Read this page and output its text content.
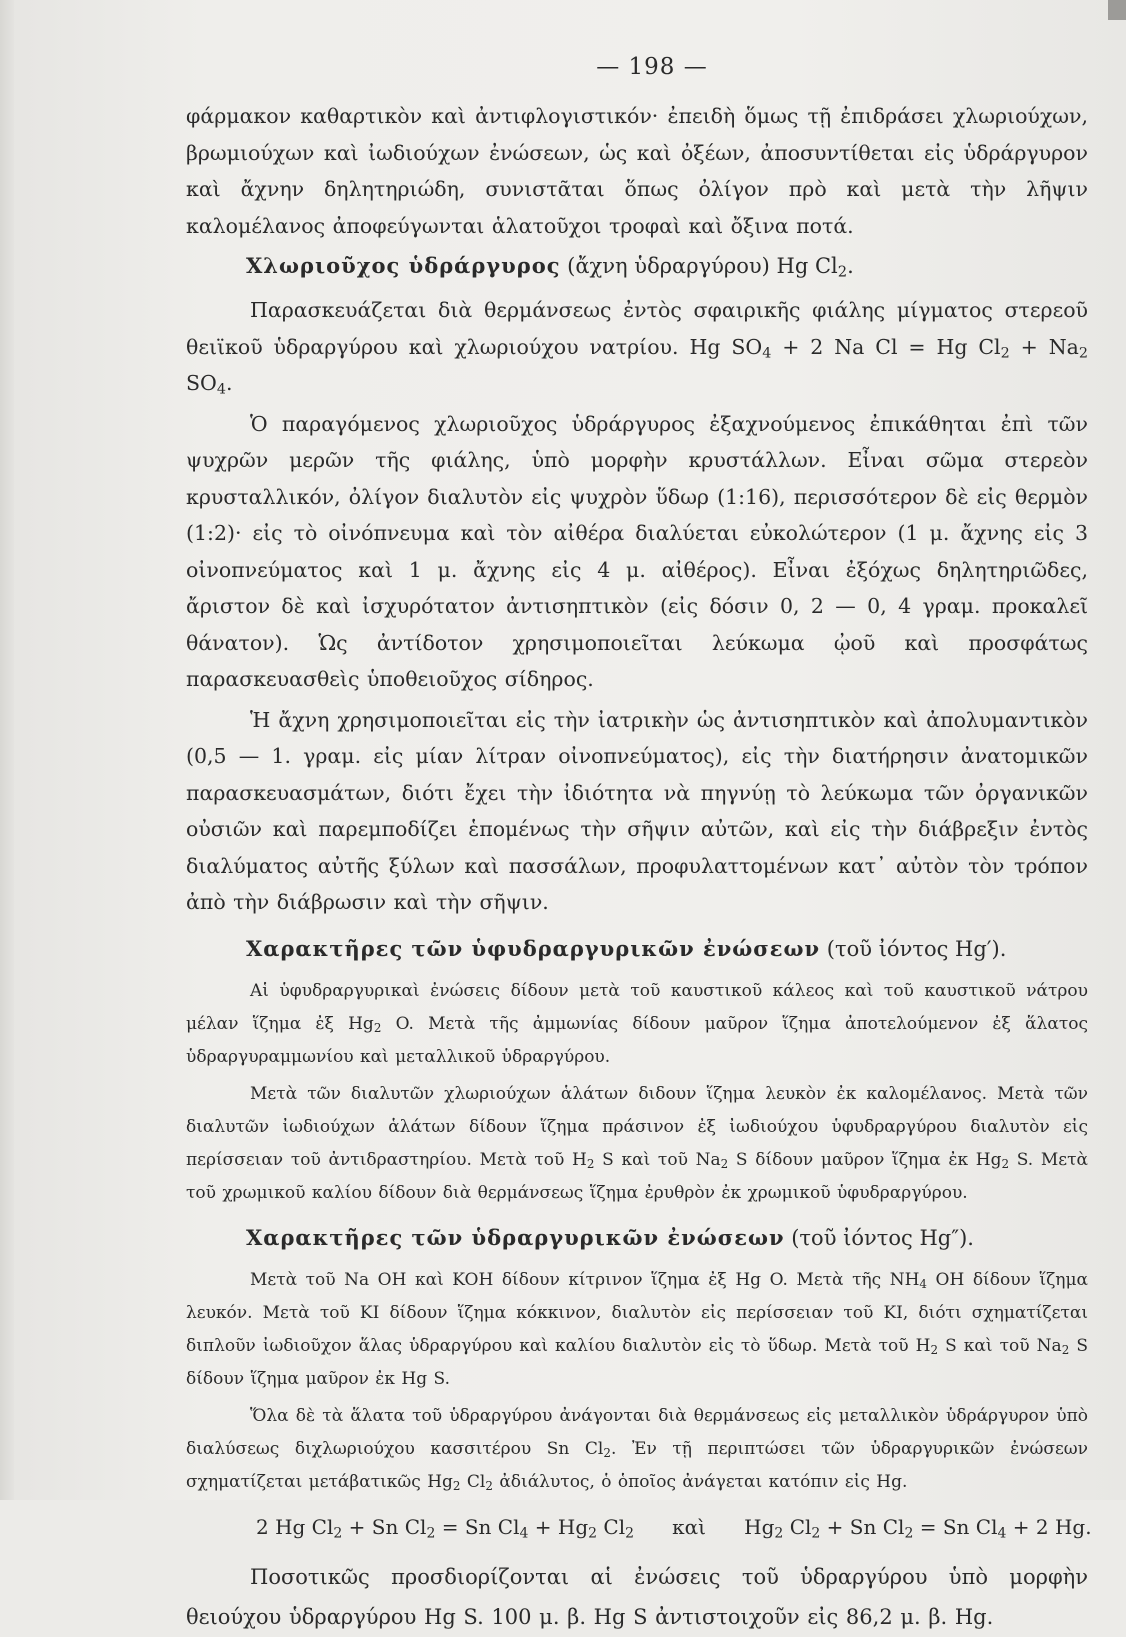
— 198 —

φάρμακον καθαρτικὸν καὶ ἀντιφλογιστικόν· ἐπειδὴ ὅμως τῇ ἐπιδράσει χλωριούχων, βρωμιούχων καὶ ἰωδιούχων ἐνώσεων, ὡς καὶ ὀξέων, ἀποσυντίθεται εἰς ὑδράργυρον καὶ ἄχνην δηλητηριώδη, συνιστᾶται ὅπως ὀλίγον πρὸ καὶ μετὰ τὴν λῆψιν καλομέλανος ἀποφεύγωνται ἁλατοῦχοι τροφαὶ καὶ ὄξινα ποτά.

Χλωριοῦχος ὑδράργυρος (ἄχνη ὑδραργύρου) Hg $Cl_2$.

Παρασκευάζεται διὰ θερμάνσεως ἐντὸς σφαιρικῆς φιάλης μίγματος στερεοῦ θειϊκοῦ ὑδραργύρου καὶ χλωριούχου νατρίου. Hg $SO_4 + 2$ Na Cl = Hg $Cl_2 + Na_2$ $SO_4$.

Ὁ παραγόμενος χλωριοῦχος ὑδράργυρος ἐξαχνούμενος ἐπικάθηται ἐπὶ τῶν ψυχρῶν μερῶν τῆς φιάλης, ὑπὸ μορφὴν κρυστάλλων. Εἶναι σῶμα στερεὸν κρυσταλλικόν, ὀλίγον διαλυτὸν εἰς ψυχρὸν ὕδωρ (1:16), περισσότερον δὲ εἰς θερμὸν (1:2)· εἰς τὸ οἰνόπνευμα καὶ τὸν αἰθέρα διαλύεται εὐκολώτερον (1 μ. ἄχνης εἰς 3 οἰνοπνεύματος καὶ 1 μ. ἄχνης εἰς 4 μ. αἰθέρος). Εἶναι ἐξόχως δηλητηριῶδες, ἄριστον δὲ καὶ ἰσχυρότατον ἀντισηπτικὸν (εἰς δόσιν 0, 2 — 0, 4 γραμ. προκαλεῖ θάνατον). Ὡς ἀντίδοτον χρησιμοποιεῖται λεύκωμα ᾠοῦ καὶ προσφάτως παρασκευασθεὶς ὑποθειοῦχος σίδηρος.

Ἡ ἄχνη χρησιμοποιεῖται εἰς τὴν ἰατρικὴν ὡς ἀντισηπτικὸν καὶ ἀπολυμαντικὸν (0,5 — 1. γραμ. εἰς μίαν λίτραν οἰνοπνεύματος), εἰς τὴν διατήρησιν ἀνατομικῶν παρασκευασμάτων, διότι ἔχει τὴν ἰδιότητα νὰ πηγνύῃ τὸ λεύκωμα τῶν ὀργανικῶν οὐσιῶν καὶ παρεμποδίζει ἑπομένως τὴν σῆψιν αὐτῶν, καὶ εἰς τὴν διάβρεξιν ἐντὸς διαλύματος αὐτῆς ξύλων καὶ πασσάλων, προφυλαττομένων κατ᾽ αὐτὸν τὸν τρόπον ἀπὸ τὴν διάβρωσιν καὶ τὴν σῆψιν.

Χαρακτῆρες τῶν ὑφυδραργυρικῶν ἐνώσεων (τοῦ ἰόντος Hg′).

Αἱ ὑφυδραργυρικαὶ ἐνώσεις δίδουν μετὰ τοῦ καυστικοῦ κάλεος καὶ τοῦ καυστικοῦ νάτρου μέλαν ἵζημα ἐξ $Hg_2$ O. Μετὰ τῆς ἀμμωνίας δίδουν μαῦρον ἵζημα ἀποτελούμενον ἐξ ἅλατος ὑδραργυραμμωνίου καὶ μεταλλικοῦ ὑδραργύρου.

Μετὰ τῶν διαλυτῶν χλωριούχων ἁλάτων διδουν ἵζημα λευκὸν ἐκ καλομέλανος. Μετὰ τῶν διαλυτῶν ἰωδιούχων ἁλάτων δίδουν ἵζημα πράσινον ἐξ ἰωδιούχου ὑφυδραργύρου διαλυτὸν εἰς περίσσειαν τοῦ ἀντιδραστηρίου. Μετὰ τοῦ $H_2$ S καὶ τοῦ $Na_2$ S δίδουν μαῦρον ἵζημα ἐκ $Hg_2$ S. Μετὰ τοῦ χρωμικοῦ καλίου δίδουν διὰ θερμάνσεως ἵζημα ἐρυθρὸν ἐκ χρωμικοῦ ὑφυδραργύρου.

Χαρακτῆρες τῶν ὑδραργυρικῶν ἐνώσεων (τοῦ ἰόντος Hg″).

Μετὰ τοῦ Na OH καὶ KOH δίδουν κίτρινον ἵζημα ἐξ Hg O. Μετὰ τῆς $NH_4$ OH δίδουν ἵζημα λευκόν. Μετὰ τοῦ KI δίδουν ἵζημα κόκκινον, διαλυτὸν εἰς περίσσειαν τοῦ KI, διότι σχηματίζεται διπλοῦν ἰωδιοῦχον ἅλας ὑδραργύρου καὶ καλίου διαλυτὸν εἰς τὸ ὕδωρ. Μετὰ τοῦ $H_2$ S καὶ τοῦ $Na_2$ S δίδουν ἵζημα μαῦρον ἐκ Hg S.

Ὅλα δὲ τὰ ἅλατα τοῦ ὑδραργύρου ἀνάγονται διὰ θερμάνσεως εἰς μεταλλικὸν ὑδράργυρον ὑπὸ διαλύσεως διχλωριούχου κασσιτέρου Sn $Cl_2$. Ἐν τῇ περιπτώσει τῶν ὑδραργυρικῶν ἐνώσεων σχηματίζεται μετάβατικῶς $Hg_2$ $Cl_2$ ἀδιάλυτος, ὁ ὁποῖος ἀνάγεται κατόπιν εἰς Hg.

2 Hg $Cl_2 + Sn$ $Cl_2 = Sn$ $Cl_4 + Hg_2$ $Cl_2$      καὶ      $Hg_2$ $Cl_2 + Sn$ $Cl_2 = Sn$ $Cl_4 + 2$ Hg.

Ποσοτικῶς προσδιορίζονται αἱ ἐνώσεις τοῦ ὑδραργύρου ὑπὸ μορφὴν θειούχου ὑδραργύρου Hg S. 100 μ. β. Hg S ἀντιστοιχοῦν εἰς 86,2 μ. β. Hg.
